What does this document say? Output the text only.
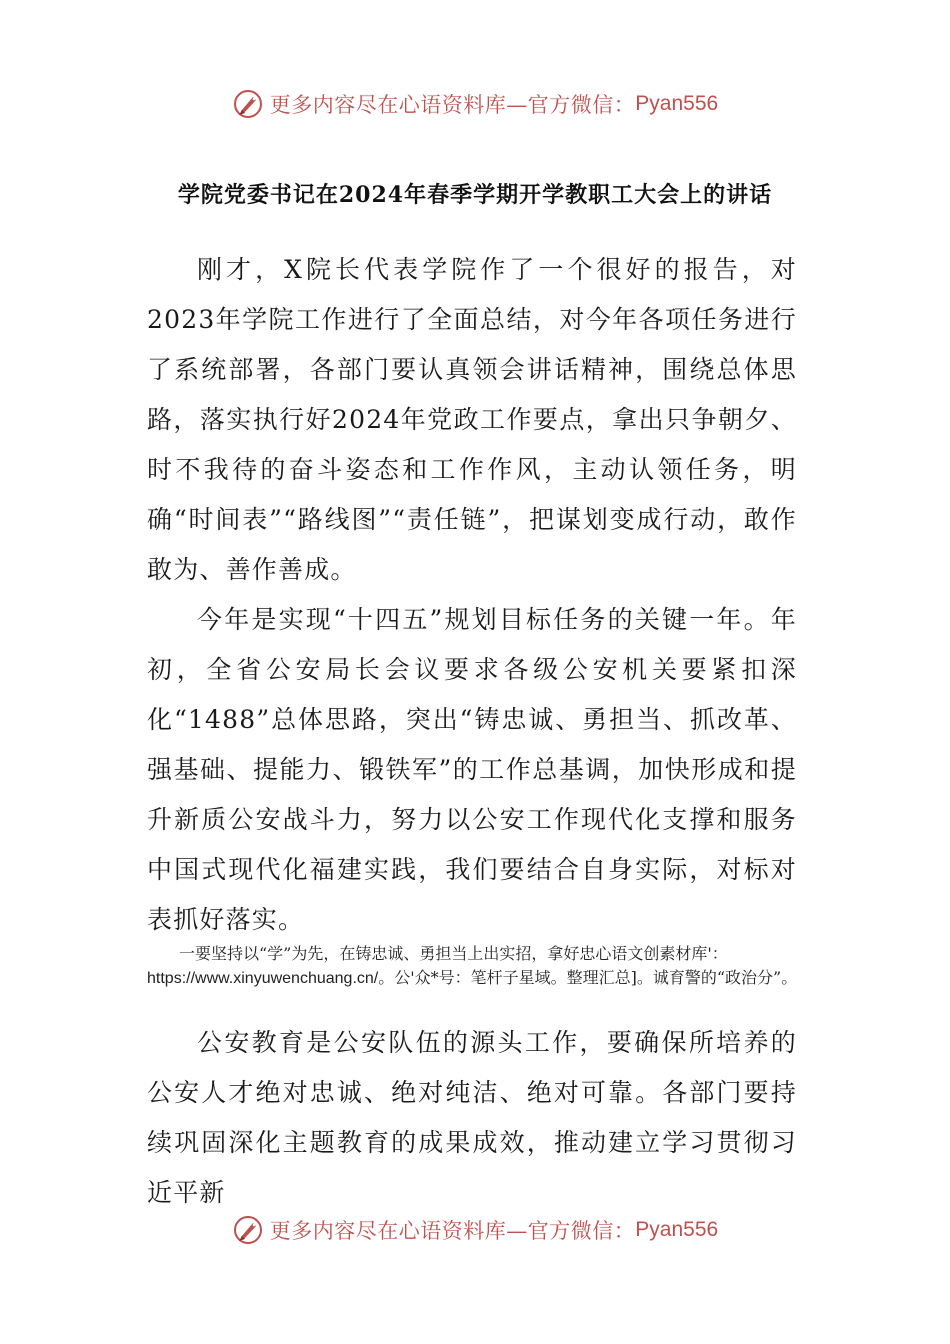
更多内容尽在心语资料库—官方微信： Pyan556
学院党委书记在2024年春季学期开学教职工大会上的讲话

刚才，X院长代表学院作了一个很好的报告，对2023年学院工作进行了全面总结，对今年各项任务进行了系统部署，各部门要认真领会讲话精神，围绕总体思路，落实执行好2024年党政工作要点，拿出只争朝夕、时不我待的奋斗姿态和工作作风，主动认领任务，明确“时间表”“路线图”“责任链”，把谋划变成行动，敢作敢为、善作善成。

今年是实现“十四五”规划目标任务的关键一年。年初，全省公安局长会议要求各级公安机关要紧扣深化“1488”总体思路，突出“铸忠诚、勇担当、抓改革、强基础、提能力、锻铁军”的工作总基调，加快形成和提升新质公安战斗力，努力以公安工作现代化支撑和服务中国式现代化福建实践，我们要结合自身实际，对标对表抓好落实。

一要坚持以“学”为先，在铸忠诚、勇担当上出实招，拿好忠心语文创素材库'：https://www.xinyuwenchuang.cn/。公'众*号：笔杆子星域。整理汇总]。诚育警的“政治分”。

公安教育是公安队伍的源头工作，要确保所培养的公安人才绝对忠诚、绝对纯洁、绝对可靠。各部门要持续巩固深化主题教育的成果成效，推动建立学习贯彻习近平新

更多内容尽在心语资料库—官方微信： Pyan556
